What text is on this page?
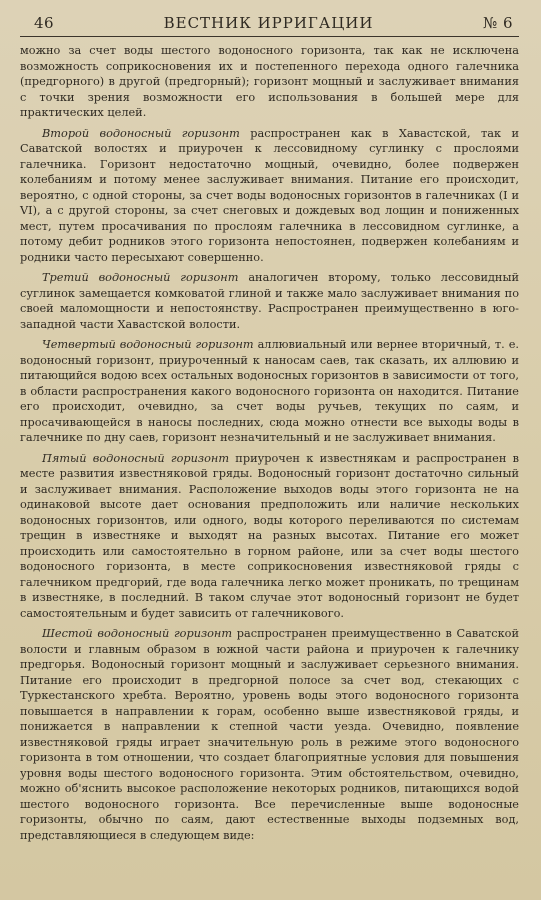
46	ВЕСТНИК ИРРИГАЦИИ	№ 6

можно за счет воды шестого водоносного горизонта, так как не исключена возможность соприкосновения их и постепенного перехода одного галечника (предгорного) в другой (предгорный); горизонт мощный и заслуживает внимания с точки зрения возможности его использования в большей мере для практических целей.

Второй водоносный горизонт распространен как в Хавастской, так и Саватской волостях и приурочен к лессовидному суглинку с прослоями галечника. Горизонт недостаточно мощный, очевидно, более подвержен колебаниям и потому менее заслуживает внимания. Питание его происходит, вероятно, с одной стороны, за счет воды водоносных горизонтов в галечниках (I и VI), а с другой стороны, за счет снеговых и дождевых вод лощин и пониженных мест, путем просачивания по прослоям галечника в лессовидном суглинке, а потому дебит родников этого горизонта непостоянен, подвержен колебаниям и родники часто пересыхают совершенно.

Третий водоносный горизонт аналогичен второму, только лессовидный суглинок замещается комковатой глиной и также мало заслуживает внимания по своей маломощности и непостоянству. Распространен преимущественно в юго-западной части Хавастской волости.

Четвертый водоносный горизонт аллювиальный или вернее вторичный, т. е. водоносный горизонт, приуроченный к наносам саев, так сказать, их аллювию и питающийся водою всех остальных водоносных горизонтов в зависимости от того, в области распространения какого водоносного горизонта он находится. Питание его происходит, очевидно, за счет воды ручьев, текущих по саям, и просачивающейся в наносы последних, сюда можно отнести все выходы воды в галечнике по дну саев, горизонт незначительный и не заслуживает внимания.

Пятый водоносный горизонт приурочен к известнякам и распространен в месте развития известняковой гряды. Водоносный горизонт достаточно сильный и заслуживает внимания. Расположение выходов воды этого горизонта не на одинаковой высоте дает основания предположить или наличие нескольких водоносных горизонтов, или одного, воды которого переливаются по системам трещин в известняке и выходят на разных высотах. Питание его может происходить или самостоятельно в горном районе, или за счет воды шестого водоносного горизонта, в месте соприкосновения известняковой гряды с галечником предгорий, где вода галечника легко может проникать, по трещинам в известняке, в последний. В таком случае этот водоносный горизонт не будет самостоятельным и будет зависить от галечникового.

Шестой водоносный горизонт распространен преимущественно в Саватской волости и главным образом в южной части района и приурочен к галечнику предгорья. Водоносный горизонт мощный и заслуживает серьезного внимания. Питание его происходит в предгорной полосе за счет вод, стекающих с Туркестанского хребта. Вероятно, уровень воды этого водоносного горизонта повышается в направлении к горам, особенно выше известняковой гряды, и понижается в направлении к степной части уезда. Очевидно, появление известняковой гряды играет значительную роль в режиме этого водоносного горизонта в том отношении, что создает благоприятные условия для повышения уровня воды шестого водоносного горизонта. Этим обстоятельством, очевидно, можно об'яснить высокое расположение некоторых родников, питающихся водой шестого водоносного горизонта. Все перечисленные выше водоносные горизонты, обычно по саям, дают естественные выходы подземных вод, представляющиеся в следующем виде:
